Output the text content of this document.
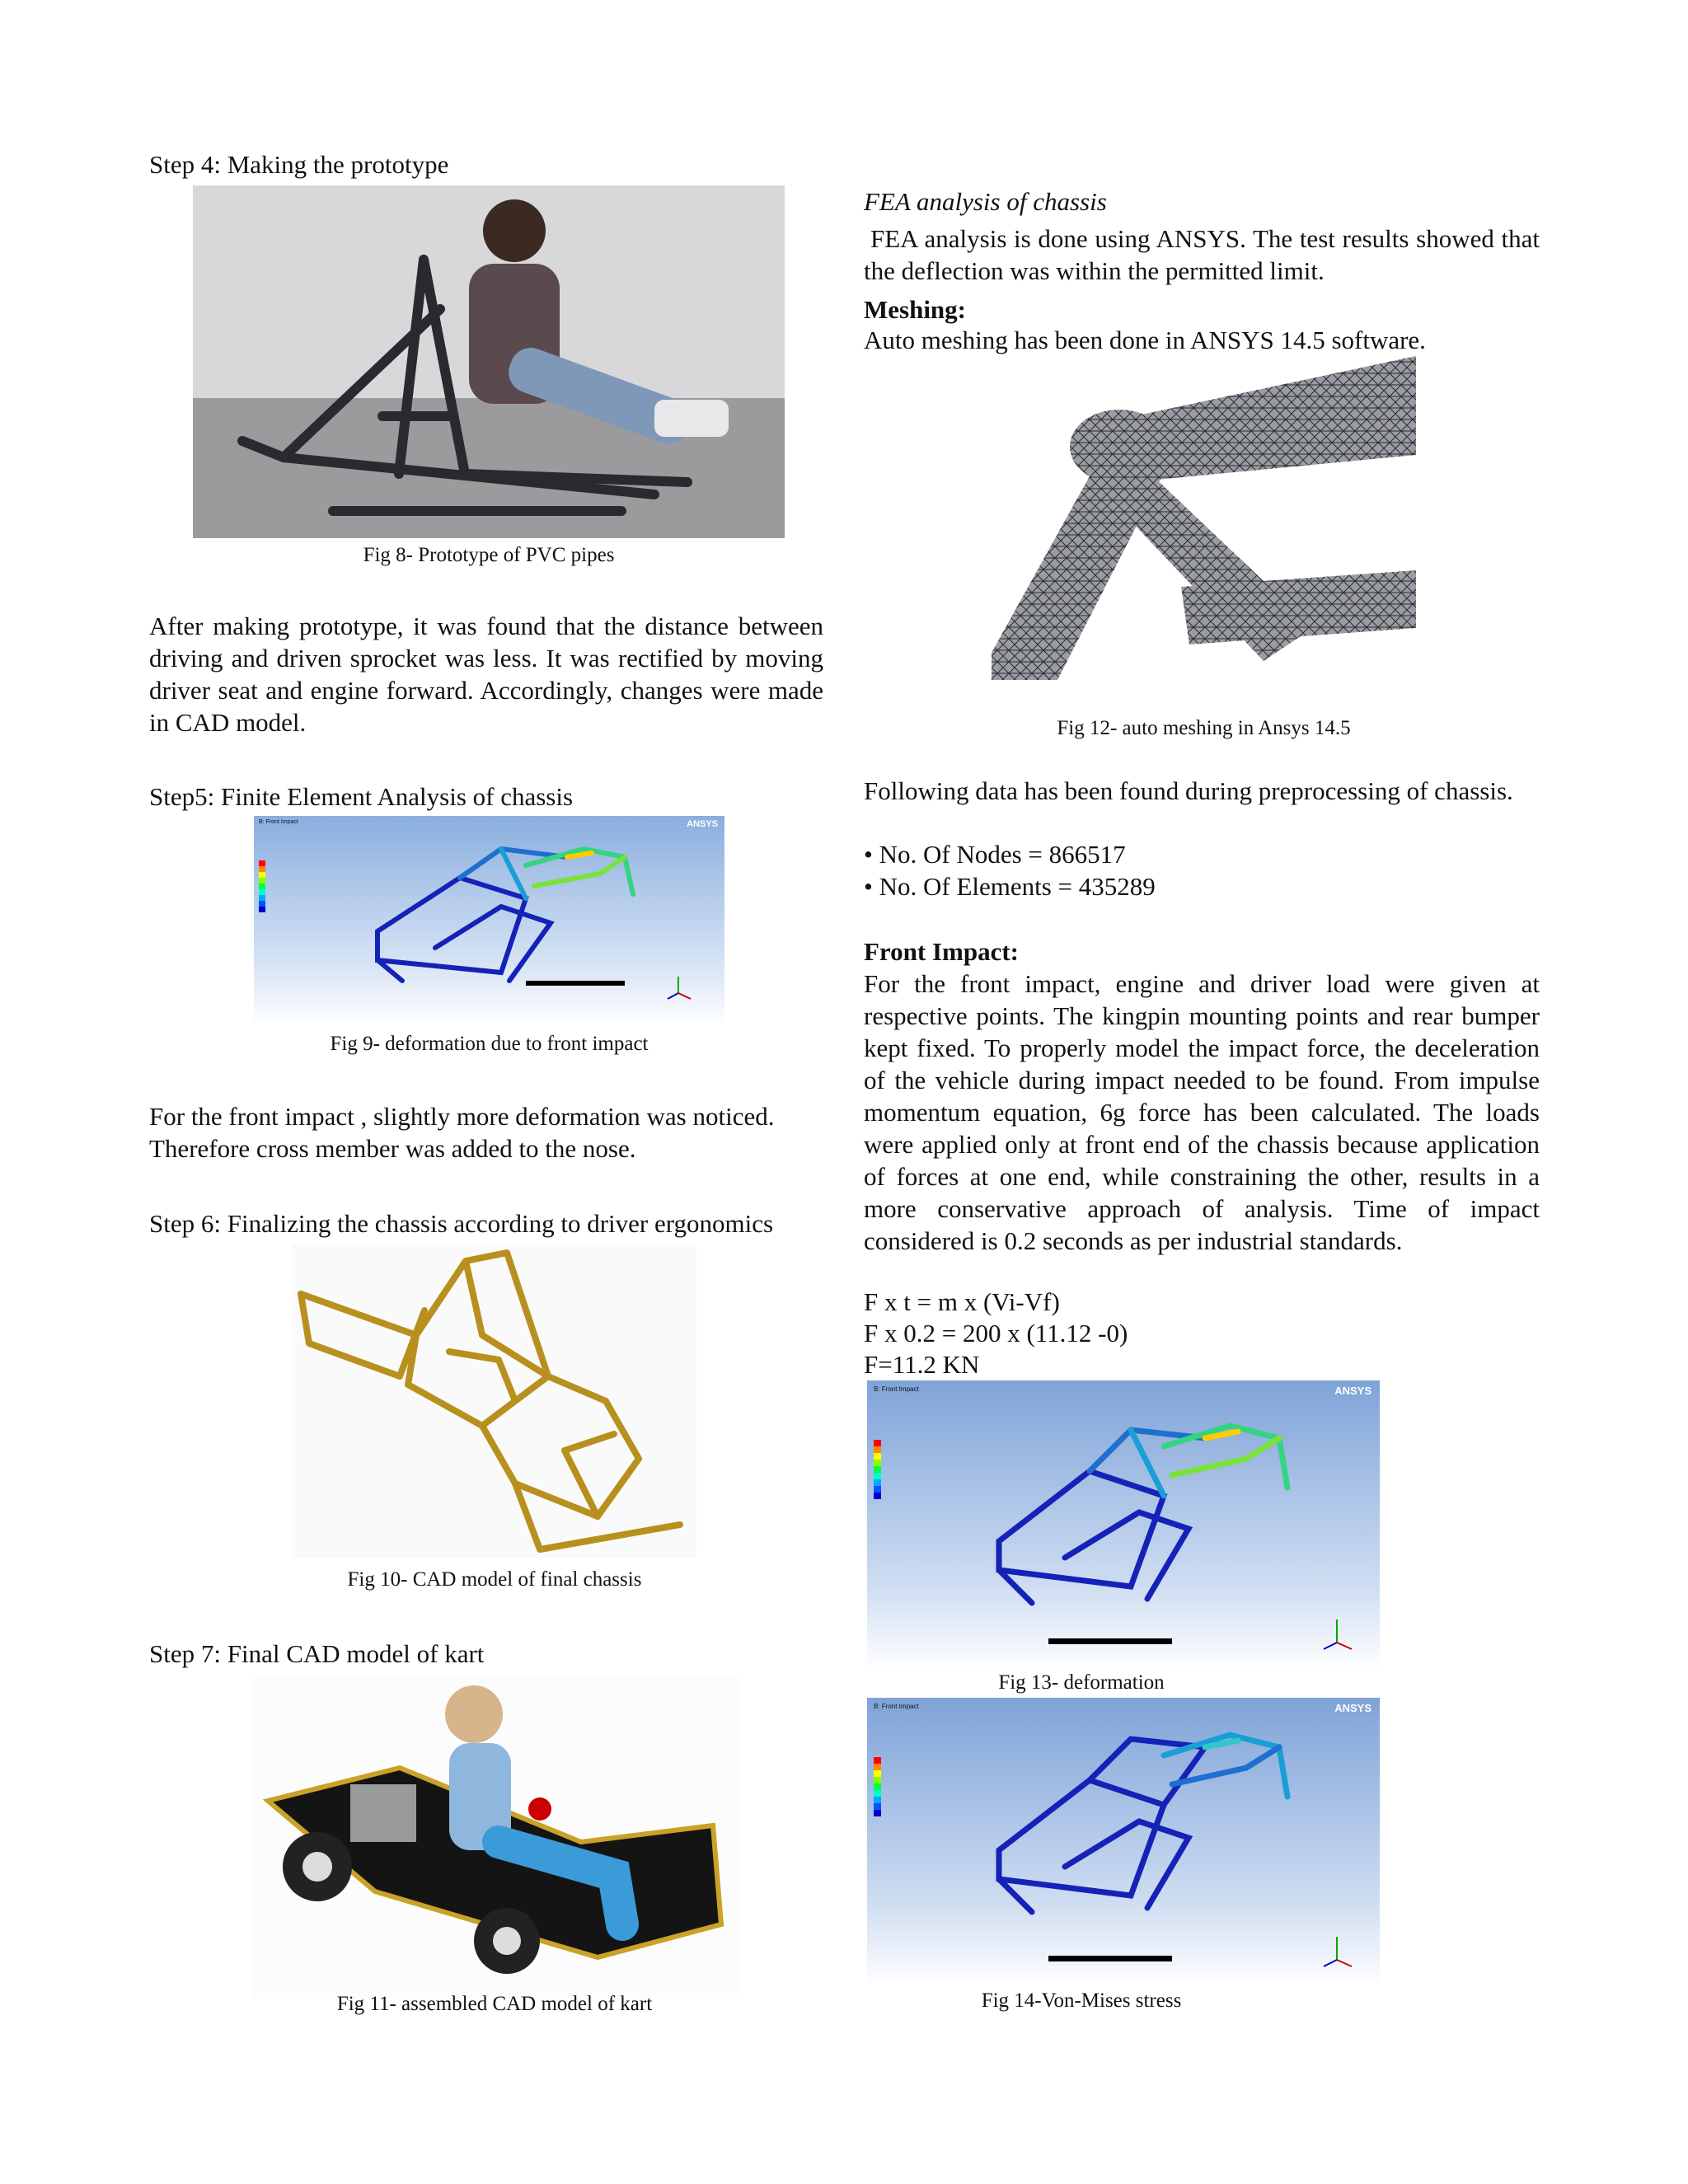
Step 4: Making the prototype
Fig 8- Prototype of PVC pipes
After making prototype, it was found that the distance between driving and driven sprocket was less. It was rectified by moving driver seat and engine forward. Accordingly, changes were made in CAD model.
Step5: Finite Element Analysis of chassis
B: Front Impact	ANSYS
Fig 9- deformation due to front impact
For the front impact , slightly more deformation was noticed. Therefore cross member was added to the nose.
Step 6: Finalizing the chassis according to driver ergonomics
Fig 10- CAD model of final chassis
Step 7: Final CAD model of kart
Fig 11- assembled CAD model of kart
FEA analysis of chassis
FEA analysis is done using ANSYS. The test results showed that the deflection was within the permitted limit.
Meshing:
Auto meshing has been done in ANSYS 14.5 software.
Fig 12- auto meshing in Ansys 14.5
Following data has been found during preprocessing of chassis.
• No. Of Nodes = 866517
• No. Of Elements = 435289
Front Impact:
For the front impact, engine and driver load were given at respective points. The kingpin mounting points and rear bumper kept fixed. To properly model the impact force, the deceleration of the vehicle during impact needed to be found. From impulse momentum equation, 6g force has been calculated. The loads were applied only at front end of the chassis because application of forces at one end, while constraining the other, results in a more conservative approach of analysis. Time of impact considered is 0.2 seconds as per industrial standards.
F x t = m x (Vi-Vf)
F x 0.2 = 200 x (11.12 -0)
F=11.2 KN
B: Front Impact	ANSYS
Fig 13- deformation
B: Front Impact	ANSYS
Fig 14-Von-Mises stress
